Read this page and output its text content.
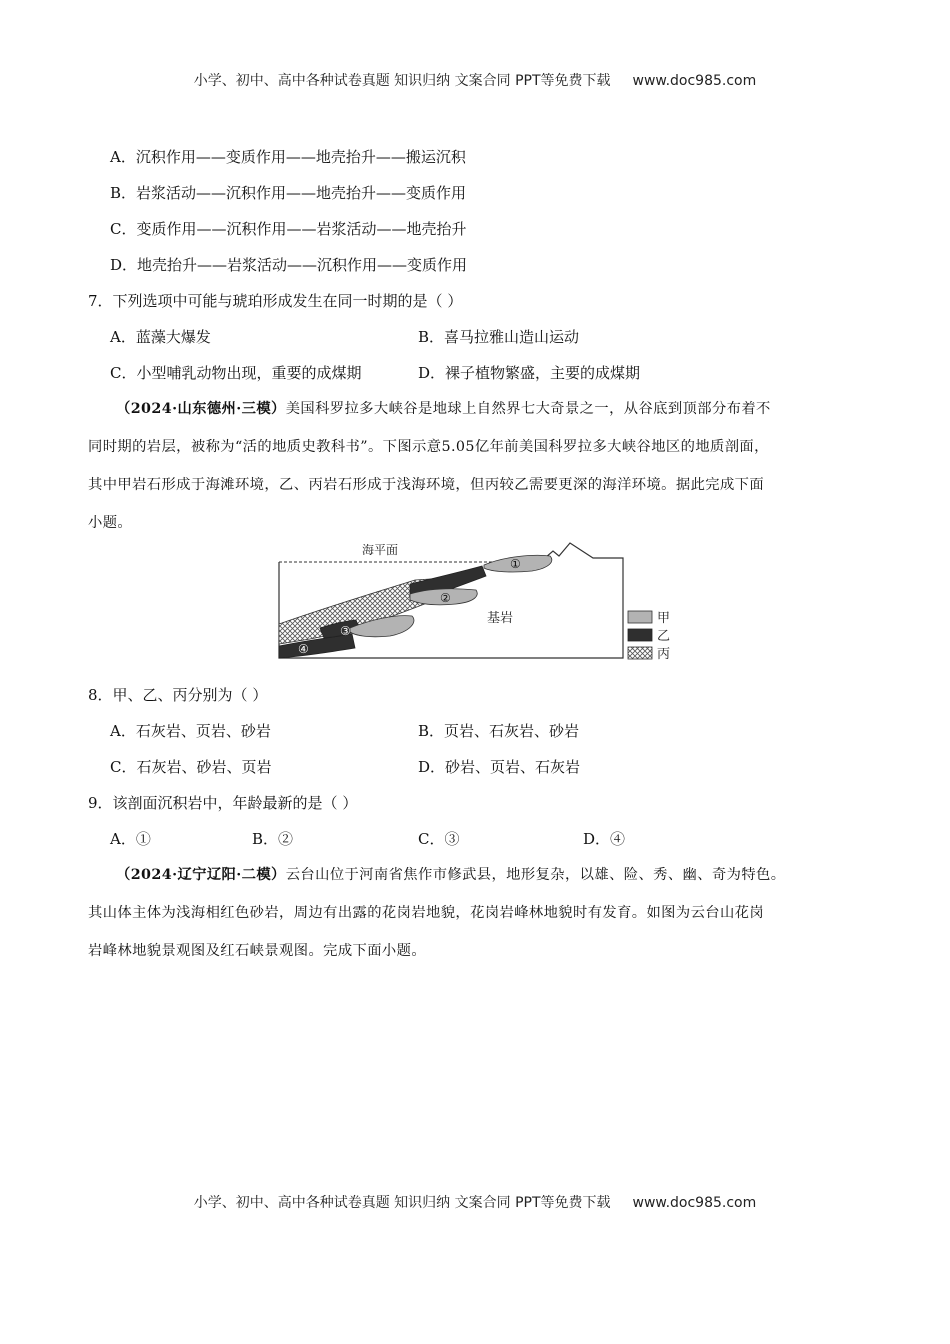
小学、初中、高中各种试卷真题 知识归纳 文案合同 PPT等免费下载 www.doc985.com
A．沉积作用——变质作用——地壳抬升——搬运沉积
B．岩浆活动——沉积作用——地壳抬升——变质作用
C．变质作用——沉积作用——岩浆活动——地壳抬升
D．地壳抬升——岩浆活动——沉积作用——变质作用
7．下列选项中可能与琥珀形成发生在同一时期的是（ ）
A．蓝藻大爆发	B．喜马拉雅山造山运动
C．小型哺乳动物出现，重要的成煤期	D．裸子植物繁盛，主要的成煤期
（2024·山东德州·三模）美国科罗拉多大峡谷是地球上自然界七大奇景之一，从谷底到顶部分布着不
同时期的岩层，被称为“活的地质史教科书”。下图示意5.05亿年前美国科罗拉多大峡谷地区的地质剖面，
其中甲岩石形成于海滩环境，乙、丙岩石形成于浅海环境，但丙较乙需要更深的海洋环境。据此完成下面
小题。
海平面
①
②
③
④
基岩	甲
乙
丙
8．甲、乙、丙分别为（ ）
A．石灰岩、页岩、砂岩	B．页岩、石灰岩、砂岩
C．石灰岩、砂岩、页岩	D．砂岩、页岩、石灰岩
9．该剖面沉积岩中，年龄最新的是（ ）
A．①	B．②	C．③	D．④
（2024·辽宁辽阳·二模）云台山位于河南省焦作市修武县，地形复杂，以雄、险、秀、幽、奇为特色。
其山体主体为浅海相红色砂岩，周边有出露的花岗岩地貌，花岗岩峰林地貌时有发育。如图为云台山花岗
岩峰林地貌景观图及红石峡景观图。完成下面小题。
小学、初中、高中各种试卷真题 知识归纳 文案合同 PPT等免费下载 www.doc985.com
